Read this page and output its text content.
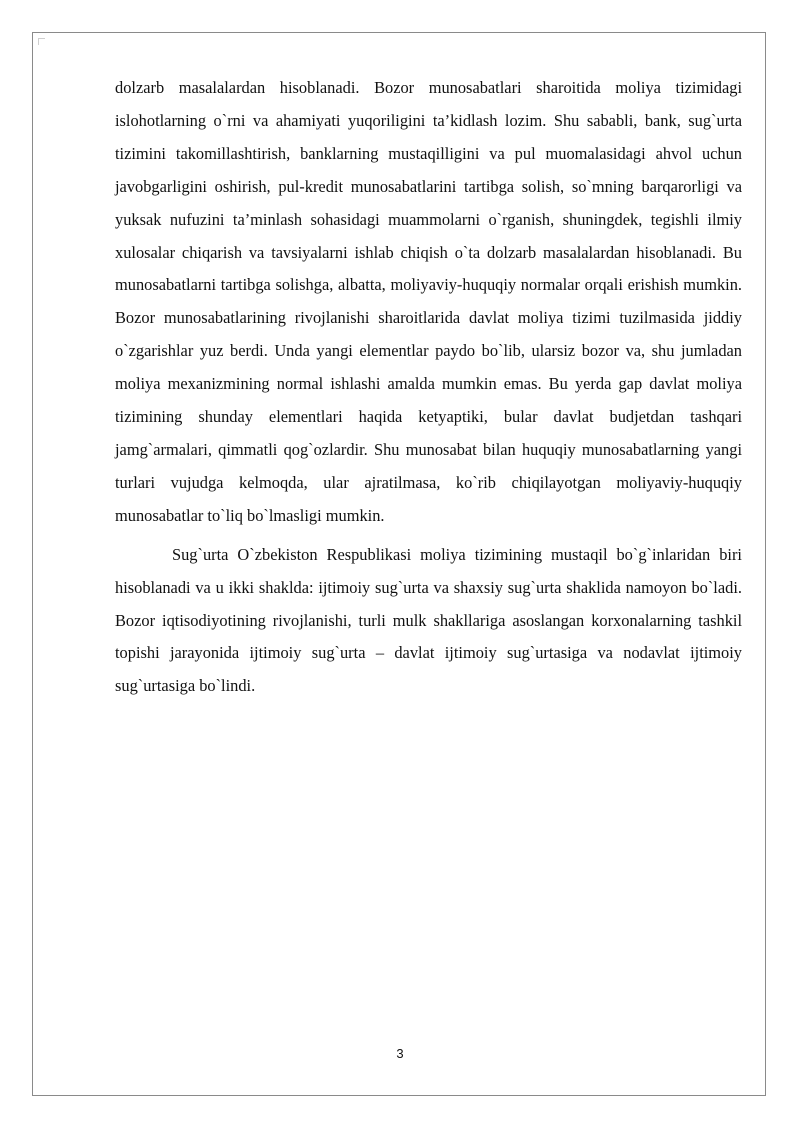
dolzarb masalalardan hisoblanadi. Bozor munosabatlari sharoitida moliya tizimidagi islohotlarning o`rni va ahamiyati yuqoriligini ta’kidlash lozim. Shu sababli, bank, sug`urta tizimini takomillashtirish, banklarning mustaqilligini va pul muomalasidagi ahvol uchun javobgarligini oshirish, pul-kredit munosabatlarini tartibga solish, so`mning barqarorligi va yuksak nufuzini ta’minlash sohasidagi muammolarni o`rganish, shuningdek, tegishli ilmiy xulosalar chiqarish va tavsiyalarni ishlab chiqish o`ta dolzarb masalalardan hisoblanadi. Bu munosabatlarni tartibga solishga, albatta, moliyaviy-huquqiy normalar orqali erishish mumkin. Bozor munosabatlarining rivojlanishi sharoitlarida davlat moliya tizimi tuzilmasida jiddiy o`zgarishlar yuz berdi. Unda yangi elementlar paydo bo`lib, ularsiz bozor va, shu jumladan moliya mexanizmining normal ishlashi amalda mumkin emas. Bu yerda gap davlat moliya tizimining shunday elementlari haqida ketyaptiki, bular davlat budjetdan tashqari jamg`armalari, qimmatli qog`ozlardir. Shu munosabat bilan huquqiy munosabatlarning yangi turlari vujudga kelmoqda, ular ajratilmasa, ko`rib chiqilayotgan moliyaviy-huquqiy munosabatlar to`liq bo`lmasligi mumkin.

Sug`urta O`zbekiston Respublikasi moliya tizimining mustaqil bo`g`inlaridan biri hisoblanadi va u ikki shaklda: ijtimoiy sug`urta va shaxsiy sug`urta shaklida namoyon bo`ladi. Bozor iqtisodiyotining rivojlanishi, turli mulk shakllariga asoslangan korxonalarning tashkil topishi jarayonida ijtimoiy sug`urta – davlat ijtimoiy sug`urtasiga va nodavlat ijtimoiy sug`urtasiga bo`lindi.

3
